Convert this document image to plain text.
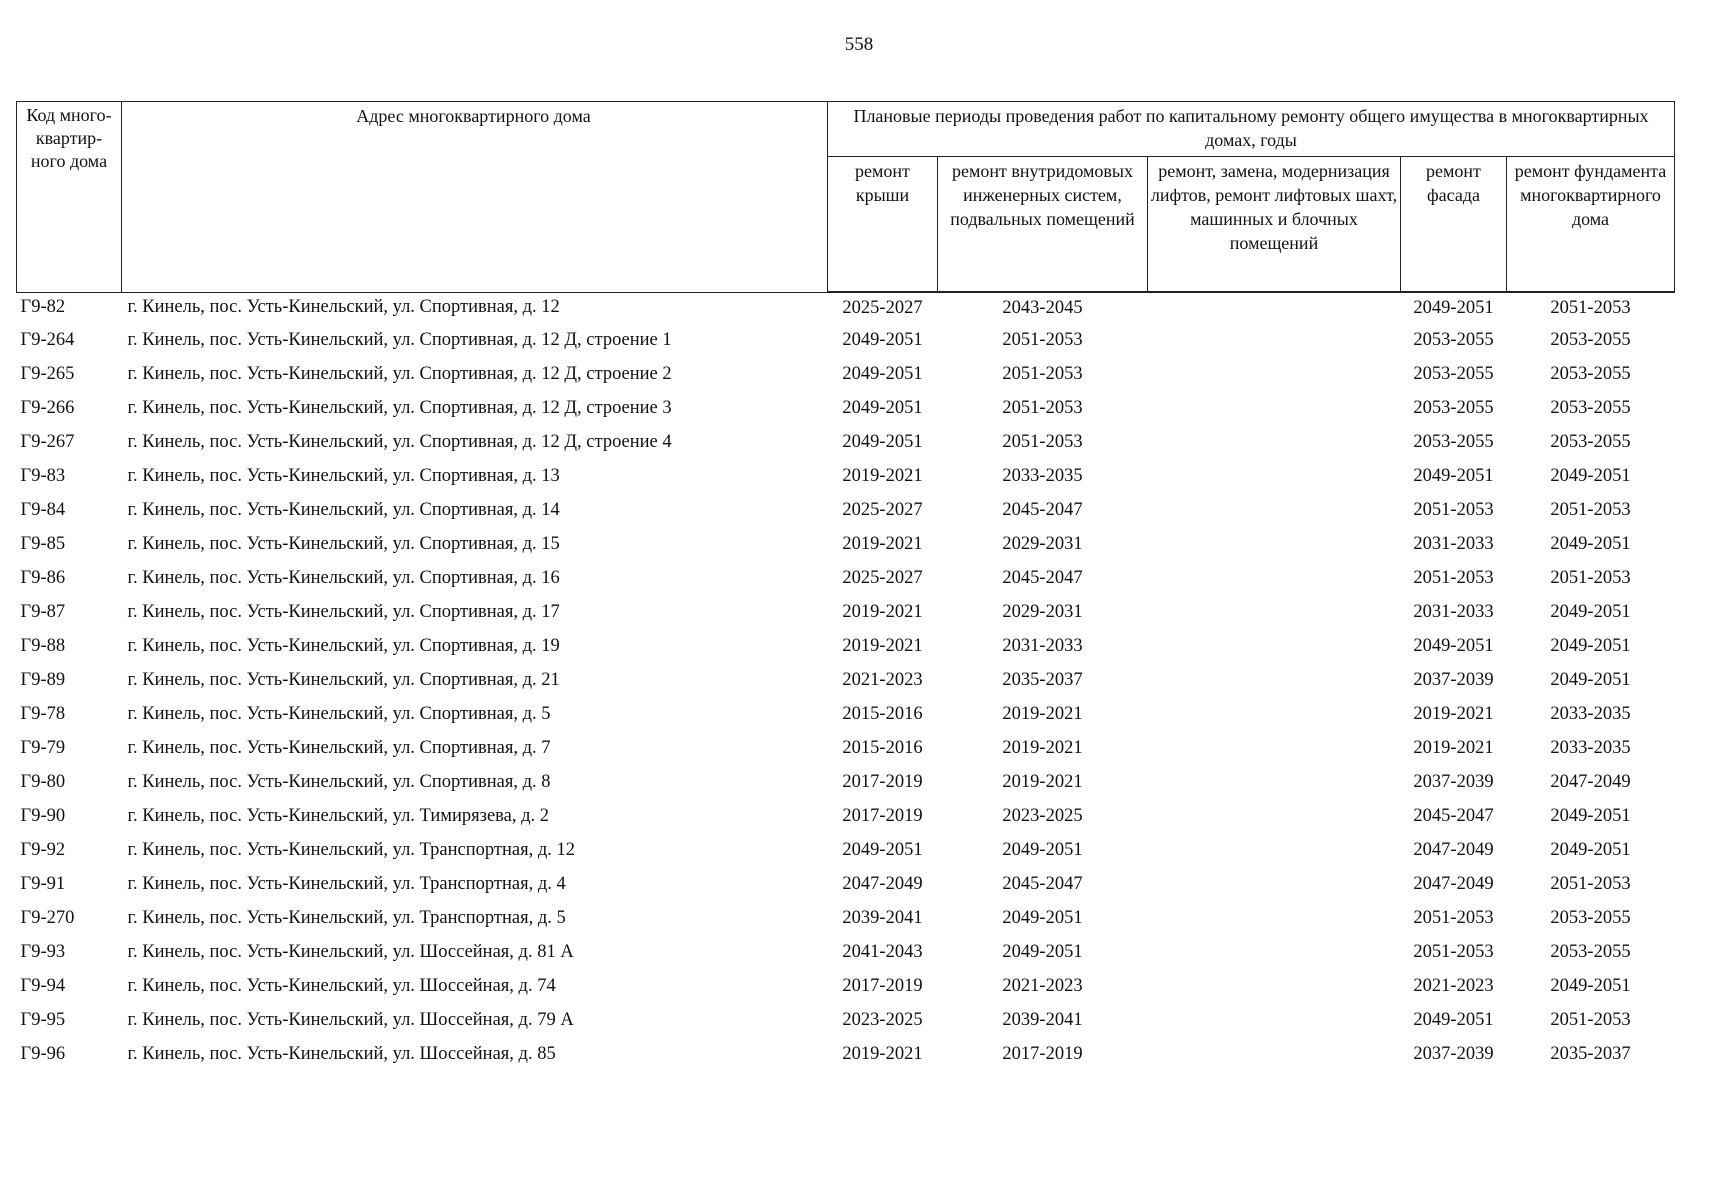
558
Код много-квартир-ного дома	Адрес многоквартирного дома	Плановые периоды проведения работ по капитальному ремонту общего имущества в многоквартирных домах, годы				
		ремонт крыши	ремонт внутридомовых инженерных систем, подвальных помещений	ремонт, замена, модернизация лифтов, ремонт лифтовых шахт, машинных и блочных помещений	ремонт фасада	ремонт фундамента многоквартирного дома
Г9-82	г. Кинель, пос. Усть-Кинельский, ул. Спортивная, д. 12	2025-2027	2043-2045		2049-2051	2051-2053
Г9-264	г. Кинель, пос. Усть-Кинельский, ул. Спортивная, д. 12 Д, строение 1	2049-2051	2051-2053		2053-2055	2053-2055
Г9-265	г. Кинель, пос. Усть-Кинельский, ул. Спортивная, д. 12 Д, строение 2	2049-2051	2051-2053		2053-2055	2053-2055
Г9-266	г. Кинель, пос. Усть-Кинельский, ул. Спортивная, д. 12 Д, строение 3	2049-2051	2051-2053		2053-2055	2053-2055
Г9-267	г. Кинель, пос. Усть-Кинельский, ул. Спортивная, д. 12 Д, строение 4	2049-2051	2051-2053		2053-2055	2053-2055
Г9-83	г. Кинель, пос. Усть-Кинельский, ул. Спортивная, д. 13	2019-2021	2033-2035		2049-2051	2049-2051
Г9-84	г. Кинель, пос. Усть-Кинельский, ул. Спортивная, д. 14	2025-2027	2045-2047		2051-2053	2051-2053
Г9-85	г. Кинель, пос. Усть-Кинельский, ул. Спортивная, д. 15	2019-2021	2029-2031		2031-2033	2049-2051
Г9-86	г. Кинель, пос. Усть-Кинельский, ул. Спортивная, д. 16	2025-2027	2045-2047		2051-2053	2051-2053
Г9-87	г. Кинель, пос. Усть-Кинельский, ул. Спортивная, д. 17	2019-2021	2029-2031		2031-2033	2049-2051
Г9-88	г. Кинель, пос. Усть-Кинельский, ул. Спортивная, д. 19	2019-2021	2031-2033		2049-2051	2049-2051
Г9-89	г. Кинель, пос. Усть-Кинельский, ул. Спортивная, д. 21	2021-2023	2035-2037		2037-2039	2049-2051
Г9-78	г. Кинель, пос. Усть-Кинельский, ул. Спортивная, д. 5	2015-2016	2019-2021		2019-2021	2033-2035
Г9-79	г. Кинель, пос. Усть-Кинельский, ул. Спортивная, д. 7	2015-2016	2019-2021		2019-2021	2033-2035
Г9-80	г. Кинель, пос. Усть-Кинельский, ул. Спортивная, д. 8	2017-2019	2019-2021		2037-2039	2047-2049
Г9-90	г. Кинель, пос. Усть-Кинельский, ул. Тимирязева, д. 2	2017-2019	2023-2025		2045-2047	2049-2051
Г9-92	г. Кинель, пос. Усть-Кинельский, ул. Транспортная, д. 12	2049-2051	2049-2051		2047-2049	2049-2051
Г9-91	г. Кинель, пос. Усть-Кинельский, ул. Транспортная, д. 4	2047-2049	2045-2047		2047-2049	2051-2053
Г9-270	г. Кинель, пос. Усть-Кинельский, ул. Транспортная, д. 5	2039-2041	2049-2051		2051-2053	2053-2055
Г9-93	г. Кинель, пос. Усть-Кинельский, ул. Шоссейная, д. 81 А	2041-2043	2049-2051		2051-2053	2053-2055
Г9-94	г. Кинель, пос. Усть-Кинельский, ул. Шоссейная, д. 74	2017-2019	2021-2023		2021-2023	2049-2051
Г9-95	г. Кинель, пос. Усть-Кинельский, ул. Шоссейная, д. 79 А	2023-2025	2039-2041		2049-2051	2051-2053
Г9-96	г. Кинель, пос. Усть-Кинельский, ул. Шоссейная, д. 85	2019-2021	2017-2019		2037-2039	2035-2037
